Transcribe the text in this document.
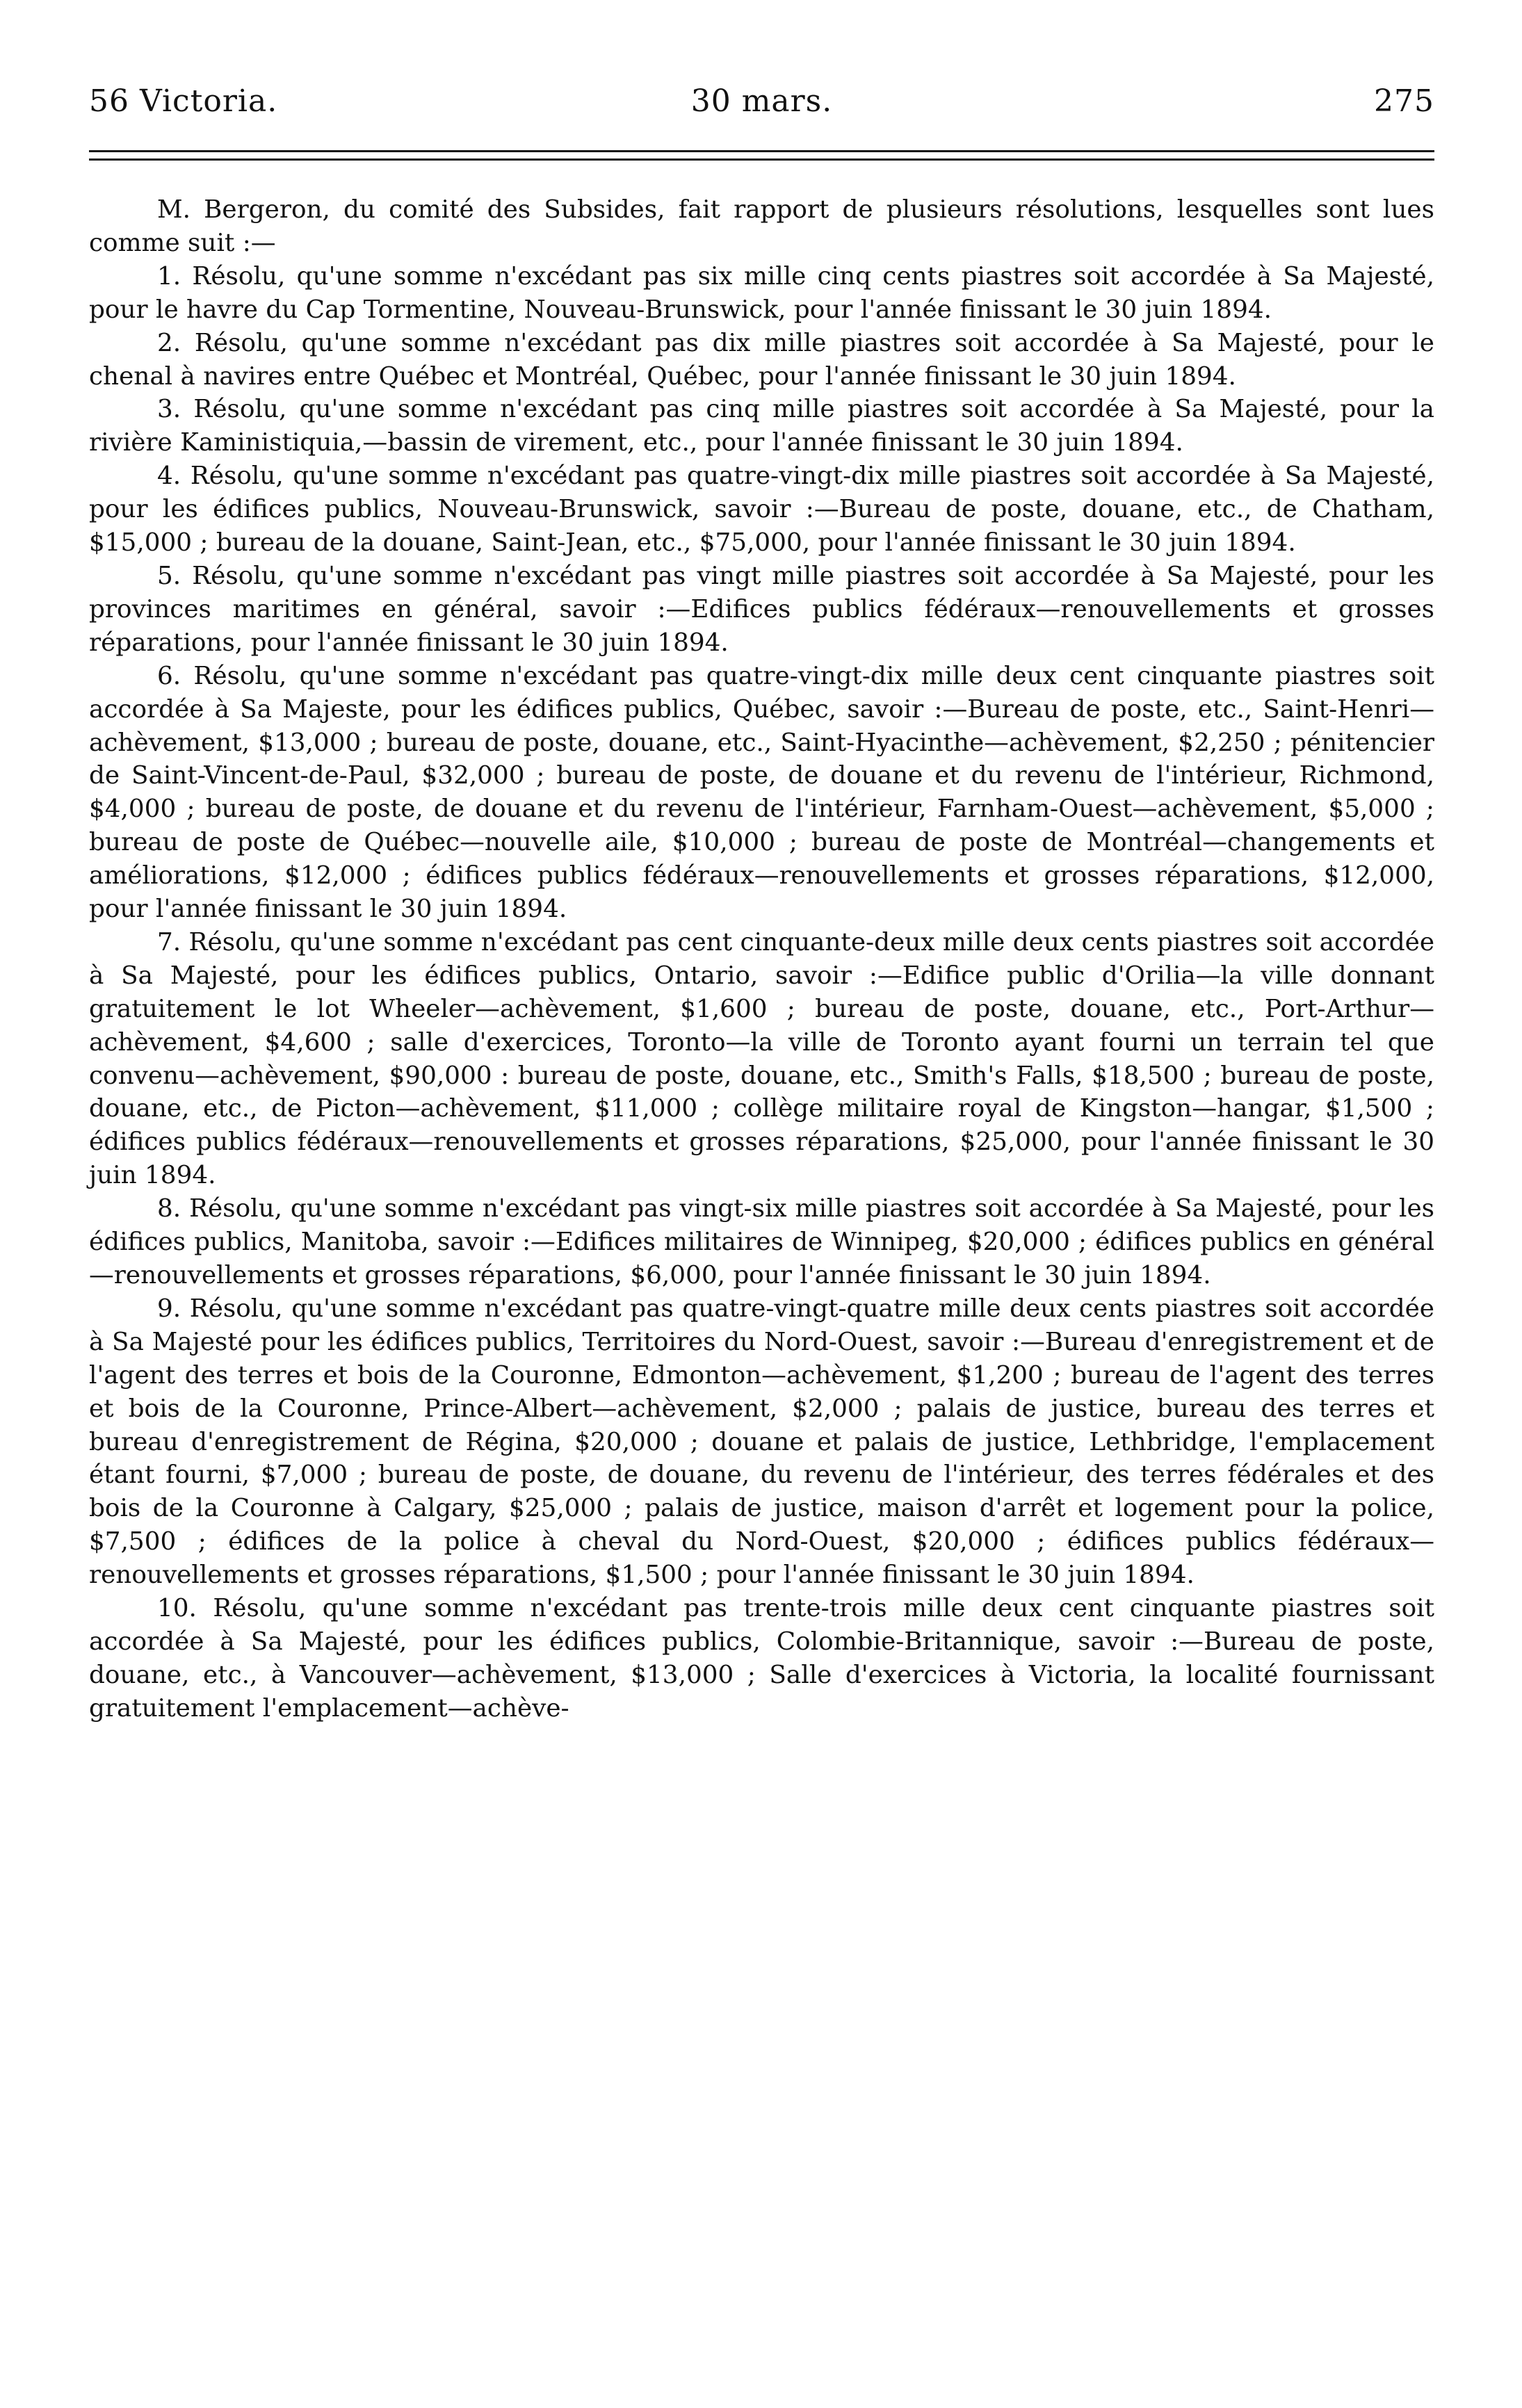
56 Victoria.	30 mars.	275

M. Bergeron, du comité des Subsides, fait rapport de plusieurs résolutions, lesquelles sont lues comme suit :—

1. Résolu, qu'une somme n'excédant pas six mille cinq cents piastres soit accordée à Sa Majesté, pour le havre du Cap Tormentine, Nouveau-Brunswick, pour l'année finissant le 30 juin 1894.

2. Résolu, qu'une somme n'excédant pas dix mille piastres soit accordée à Sa Majesté, pour le chenal à navires entre Québec et Montréal, Québec, pour l'année finissant le 30 juin 1894.

3. Résolu, qu'une somme n'excédant pas cinq mille piastres soit accordée à Sa Majesté, pour la rivière Kaministiquia,—bassin de virement, etc., pour l'année finissant le 30 juin 1894.

4. Résolu, qu'une somme n'excédant pas quatre-vingt-dix mille piastres soit accordée à Sa Majesté, pour les édifices publics, Nouveau-Brunswick, savoir :—Bureau de poste, douane, etc., de Chatham, $15,000 ; bureau de la douane, Saint-Jean, etc., $75,000, pour l'année finissant le 30 juin 1894.

5. Résolu, qu'une somme n'excédant pas vingt mille piastres soit accordée à Sa Majesté, pour les provinces maritimes en général, savoir :—Edifices publics fédéraux—renouvellements et grosses réparations, pour l'année finissant le 30 juin 1894.

6. Résolu, qu'une somme n'excédant pas quatre-vingt-dix mille deux cent cinquante piastres soit accordée à Sa Majeste, pour les édifices publics, Québec, savoir :—Bureau de poste, etc., Saint-Henri—achèvement, $13,000 ; bureau de poste, douane, etc., Saint-Hyacinthe—achèvement, $2,250 ; pénitencier de Saint-Vincent-de-Paul, $32,000 ; bureau de poste, de douane et du revenu de l'intérieur, Richmond, $4,000 ; bureau de poste, de douane et du revenu de l'intérieur, Farnham-Ouest—achèvement, $5,000 ; bureau de poste de Québec—nouvelle aile, $10,000 ; bureau de poste de Montréal—changements et améliorations, $12,000 ; édifices publics fédéraux—renouvellements et grosses réparations, $12,000, pour l'année finissant le 30 juin 1894.

7. Résolu, qu'une somme n'excédant pas cent cinquante-deux mille deux cents piastres soit accordée à Sa Majesté, pour les édifices publics, Ontario, savoir :—Edifice public d'Orilia—la ville donnant gratuitement le lot Wheeler—achèvement, $1,600 ; bureau de poste, douane, etc., Port-Arthur—achèvement, $4,600 ; salle d'exercices, Toronto—la ville de Toronto ayant fourni un terrain tel que convenu—achèvement, $90,000 : bureau de poste, douane, etc., Smith's Falls, $18,500 ; bureau de poste, douane, etc., de Picton—achèvement, $11,000 ; collège militaire royal de Kingston—hangar, $1,500 ; édifices publics fédéraux—renouvellements et grosses réparations, $25,000, pour l'année finissant le 30 juin 1894.

8. Résolu, qu'une somme n'excédant pas vingt-six mille piastres soit accordée à Sa Majesté, pour les édifices publics, Manitoba, savoir :—Edifices militaires de Winnipeg, $20,000 ; édifices publics en général—renouvellements et grosses réparations, $6,000, pour l'année finissant le 30 juin 1894.

9. Résolu, qu'une somme n'excédant pas quatre-vingt-quatre mille deux cents piastres soit accordée à Sa Majesté pour les édifices publics, Territoires du Nord-Ouest, savoir :—Bureau d'enregistrement et de l'agent des terres et bois de la Couronne, Edmonton—achèvement, $1,200 ; bureau de l'agent des terres et bois de la Couronne, Prince-Albert—achèvement, $2,000 ; palais de justice, bureau des terres et bureau d'enregistrement de Régina, $20,000 ; douane et palais de justice, Lethbridge, l'emplacement étant fourni, $7,000 ; bureau de poste, de douane, du revenu de l'intérieur, des terres fédérales et des bois de la Couronne à Calgary, $25,000 ; palais de justice, maison d'arrêt et logement pour la police, $7,500 ; édifices de la police à cheval du Nord-Ouest, $20,000 ; édifices publics fédéraux—renouvellements et grosses réparations, $1,500 ; pour l'année finissant le 30 juin 1894.

10. Résolu, qu'une somme n'excédant pas trente-trois mille deux cent cinquante piastres soit accordée à Sa Majesté, pour les édifices publics, Colombie-Britannique, savoir :—Bureau de poste, douane, etc., à Vancouver—achèvement, $13,000 ; Salle d'exercices à Victoria, la localité fournissant gratuitement l'emplacement—achève-
